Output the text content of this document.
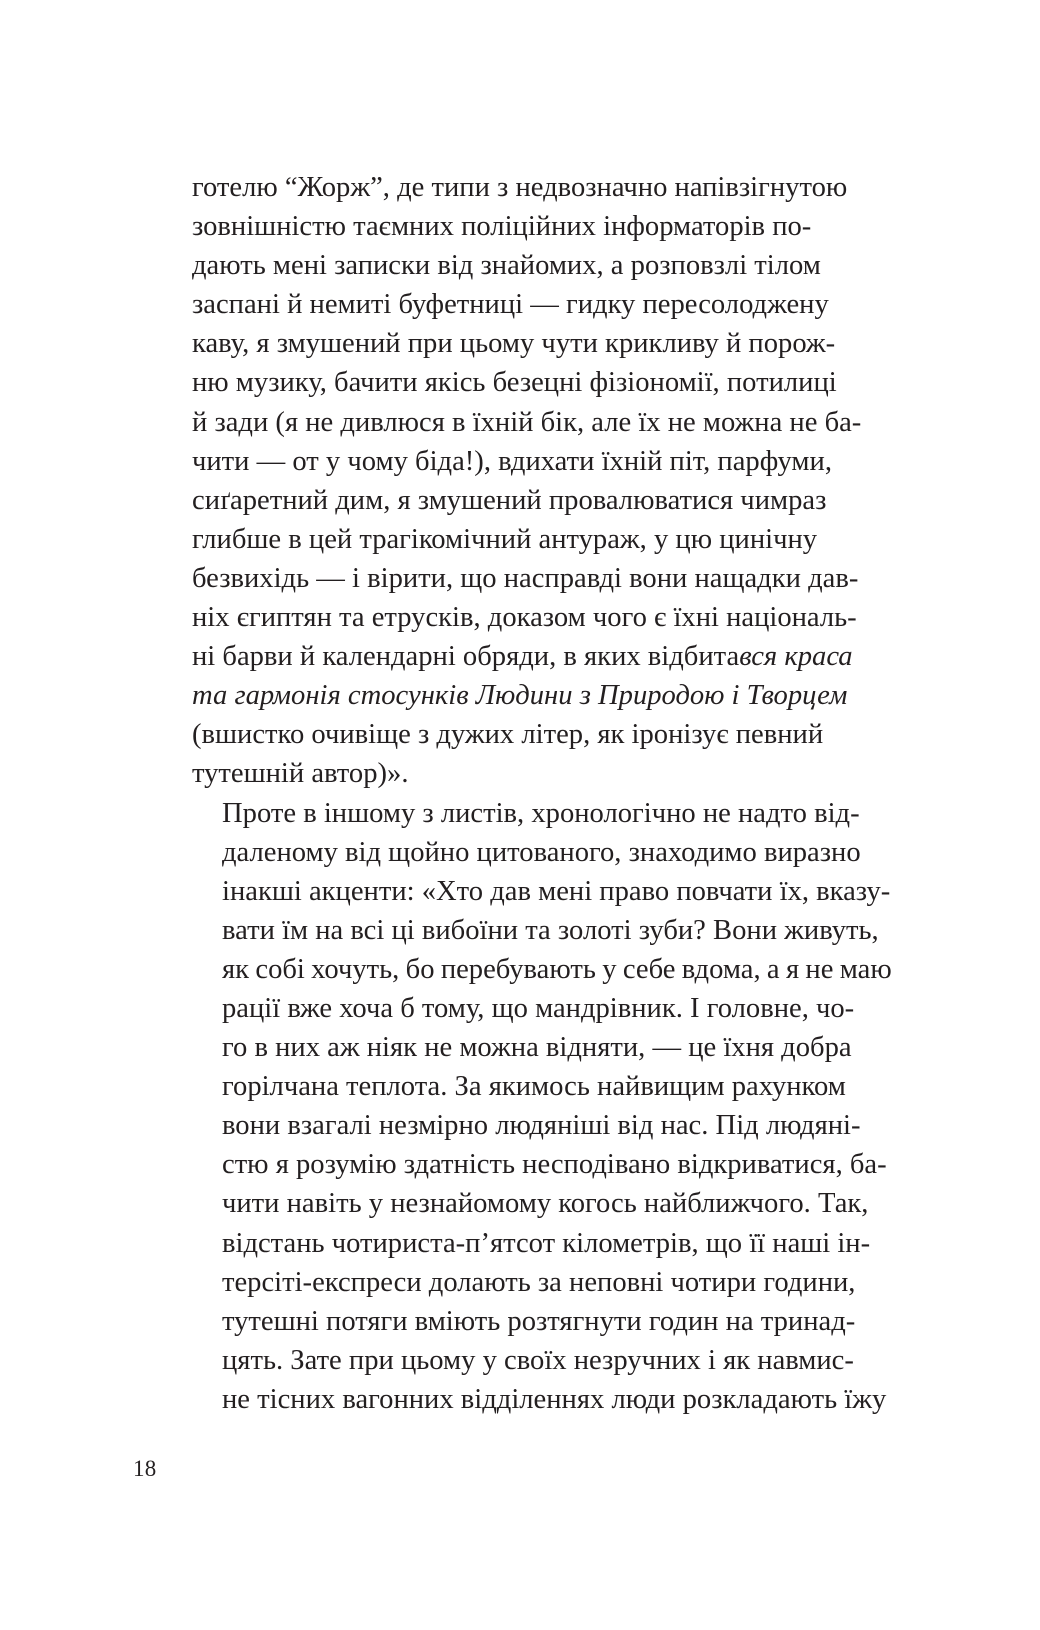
готелю “Жорж”, де типи з недвозначно напівзігнутою
зовнішністю таємних поліційних інформаторів по-
дають мені записки від знайомих, а розповзлі тілом
заспані й немиті буфетниці — гидку пересолоджену
каву, я змушений при цьому чути крикливу й порож-
ню музику, бачити якісь безецні фізіономії, потилиці
й зади (я не дивлюся в їхній бік, але їх не можна не ба-
чити — от у чому біда!), вдихати їхній піт, парфуми,
сиґаретний дим, я змушений провалюватися чимраз
глибше в цей трагікомічний антураж, у цю цинічну
безвихідь — і вірити, що насправді вони нащадки дав-
ніх єгиптян та етрусків, доказом чого є їхні національ-
ні барви й календарні обряди, в яких відбитався краса
та гармонія стосунків Людини з Природою і Творцем
(вшистко очивіще з дужих літер, як іронізує певний
тутешній автор)».
Проте в іншому з листів, хронологічно не надто від-
даленому від щойно цитованого, знаходимо виразно
інакші акценти: «Хто дав мені право повчати їх, вказу-
вати їм на всі ці вибоїни та золоті зуби? Вони живуть,
як собі хочуть, бо перебувають у себе вдома, а я не маю
рації вже хоча б тому, що мандрівник. І головне, чо-
го в них аж ніяк не можна відняти, — це їхня добра
горілчана теплота. За якимось найвищим рахунком
вони взагалі незмірно людяніші від нас. Під людяні-
стю я розумію здатність несподівано відкриватися, ба-
чити навіть у незнайомому когось найближчого. Так,
відстань чотириста-п’ятсот кілометрів, що її наші ін-
терсіті-експреси долають за неповні чотири години,
тутешні потяги вміють розтягнути годин на тринад-
цять. Зате при цьому у своїх незручних і як навмис-
не тісних вагонних відділеннях люди розкладають їжу
18
